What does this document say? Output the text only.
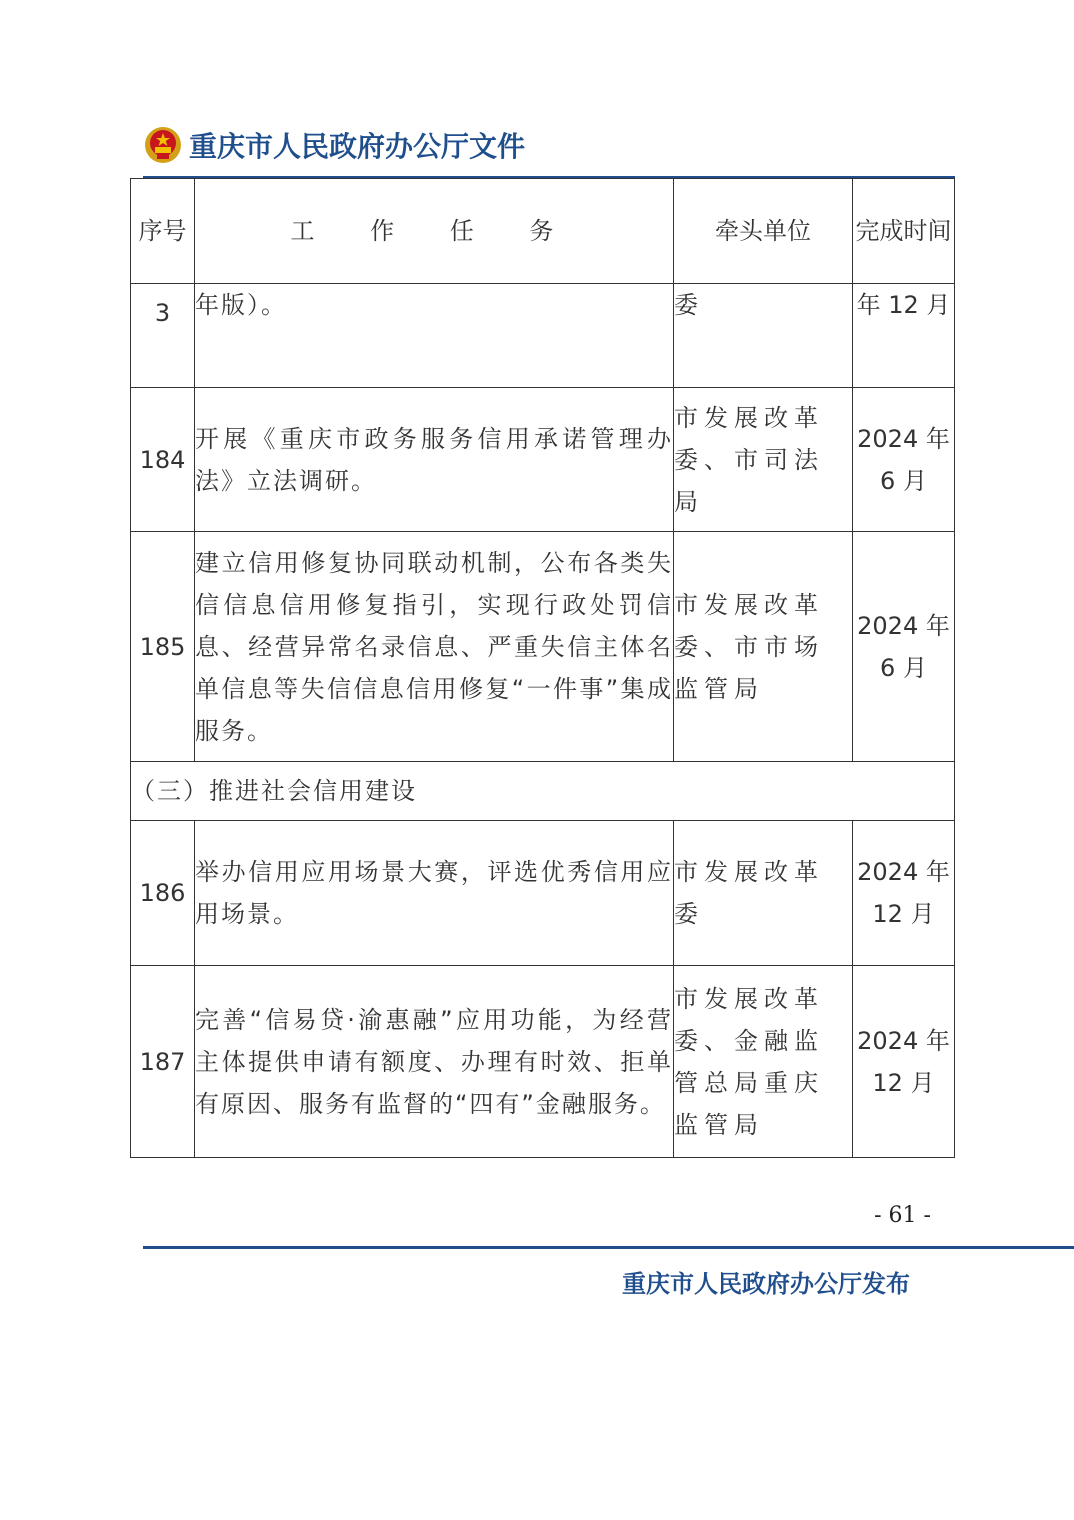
重庆市人民政府办公厅文件
序号	工 作 任 务	牵头单位	完成时间
3	年版）。	委	年 12 月
184	开展《重庆市政务服务信用承诺管理办法》立法调研。	市发展改革委、市司法局	2024 年 6 月
185	建立信用修复协同联动机制，公布各类失信信息信用修复指引，实现行政处罚信息、经营异常名录信息、严重失信主体名单信息等失信信息信用修复“一件事”集成服务。	市发展改革委、市市场监管局	2024 年 6 月
（三）推进社会信用建设			
186	举办信用应用场景大赛，评选优秀信用应用场景。	市发展改革委	2024 年 12 月
187	完善“信易贷·渝惠融”应用功能，为经营主体提供申请有额度、办理有时效、拒单有原因、服务有监督的“四有”金融服务。	市发展改革委、金融监管总局重庆监管局	2024 年 12 月
- 61 -
重庆市人民政府办公厅发布
